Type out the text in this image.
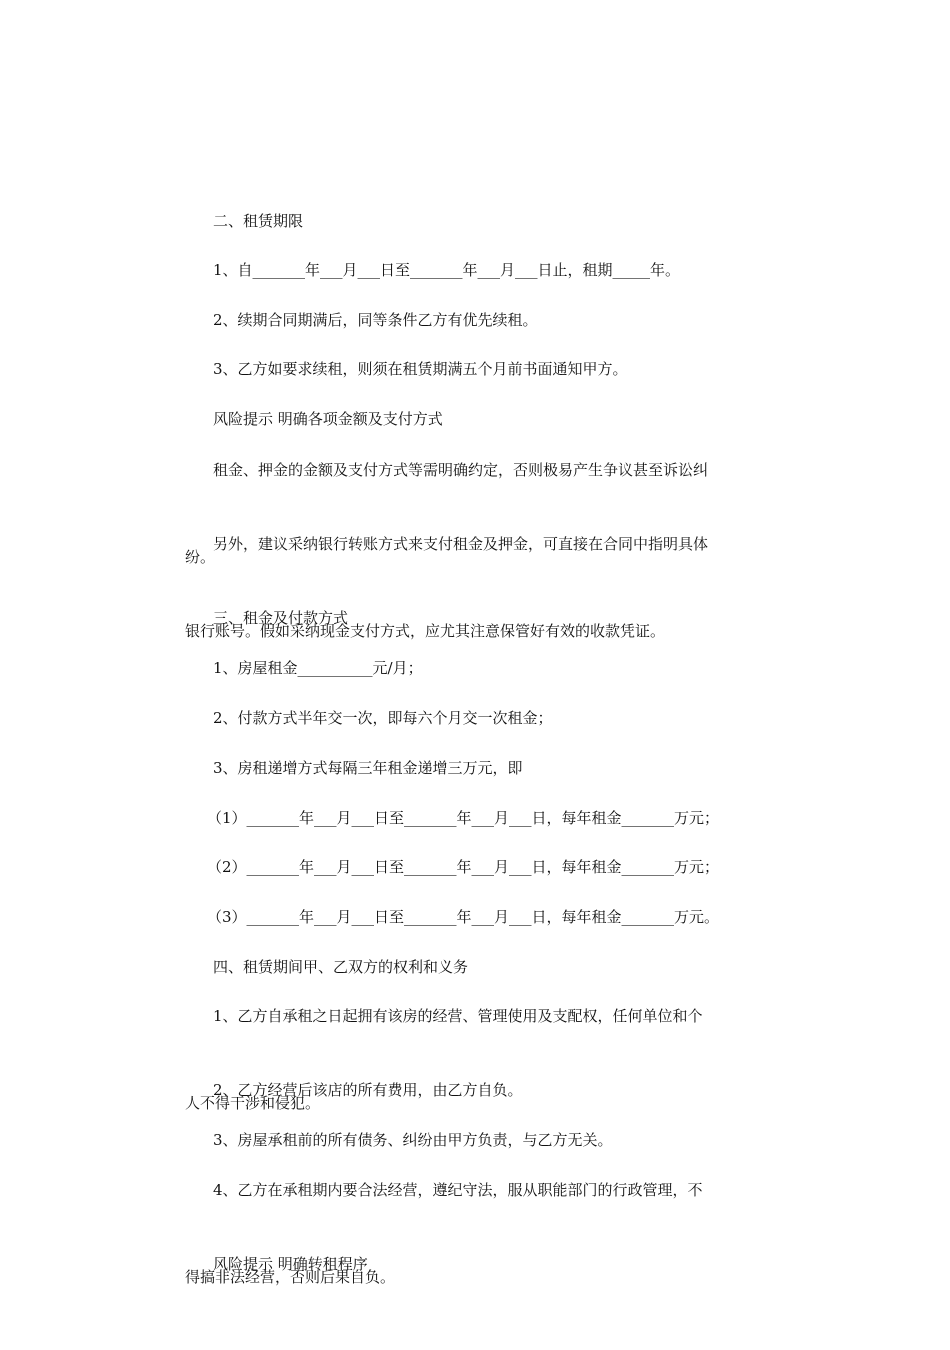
二、租赁期限

1、自_______年___月___日至_______年___月___日止，租期_____年。

2、续期合同期满后，同等条件乙方有优先续租。

3、乙方如要求续租，则须在租赁期满五个月前书面通知甲方。

风险提示 明确各项金额及支付方式

租金、押金的金额及支付方式等需明确约定，否则极易产生争议甚至诉讼纠

纷。

另外，建议采纳银行转账方式来支付租金及押金，可直接在合同中指明具体

银行账号。假如采纳现金支付方式，应尤其注意保管好有效的收款凭证。

三、租金及付款方式

1、房屋租金__________元/月；

2、付款方式半年交一次，即每六个月交一次租金；

3、房租递增方式每隔三年租金递增三万元，即

（1）_______年___月___日至_______年___月___日，每年租金_______万元；

（2）_______年___月___日至_______年___月___日，每年租金_______万元；

（3）_______年___月___日至_______年___月___日，每年租金_______万元。

四、租赁期间甲、乙双方的权利和义务

1、乙方自承租之日起拥有该房的经营、管理使用及支配权，任何单位和个

人不得干涉和侵犯。

2、乙方经营后该店的所有费用，由乙方自负。

3、房屋承租前的所有债务、纠纷由甲方负责，与乙方无关。

4、乙方在承租期内要合法经营，遵纪守法，服从职能部门的行政管理，不

得搞非法经营，否则后果自负。

风险提示 明确转租程序
